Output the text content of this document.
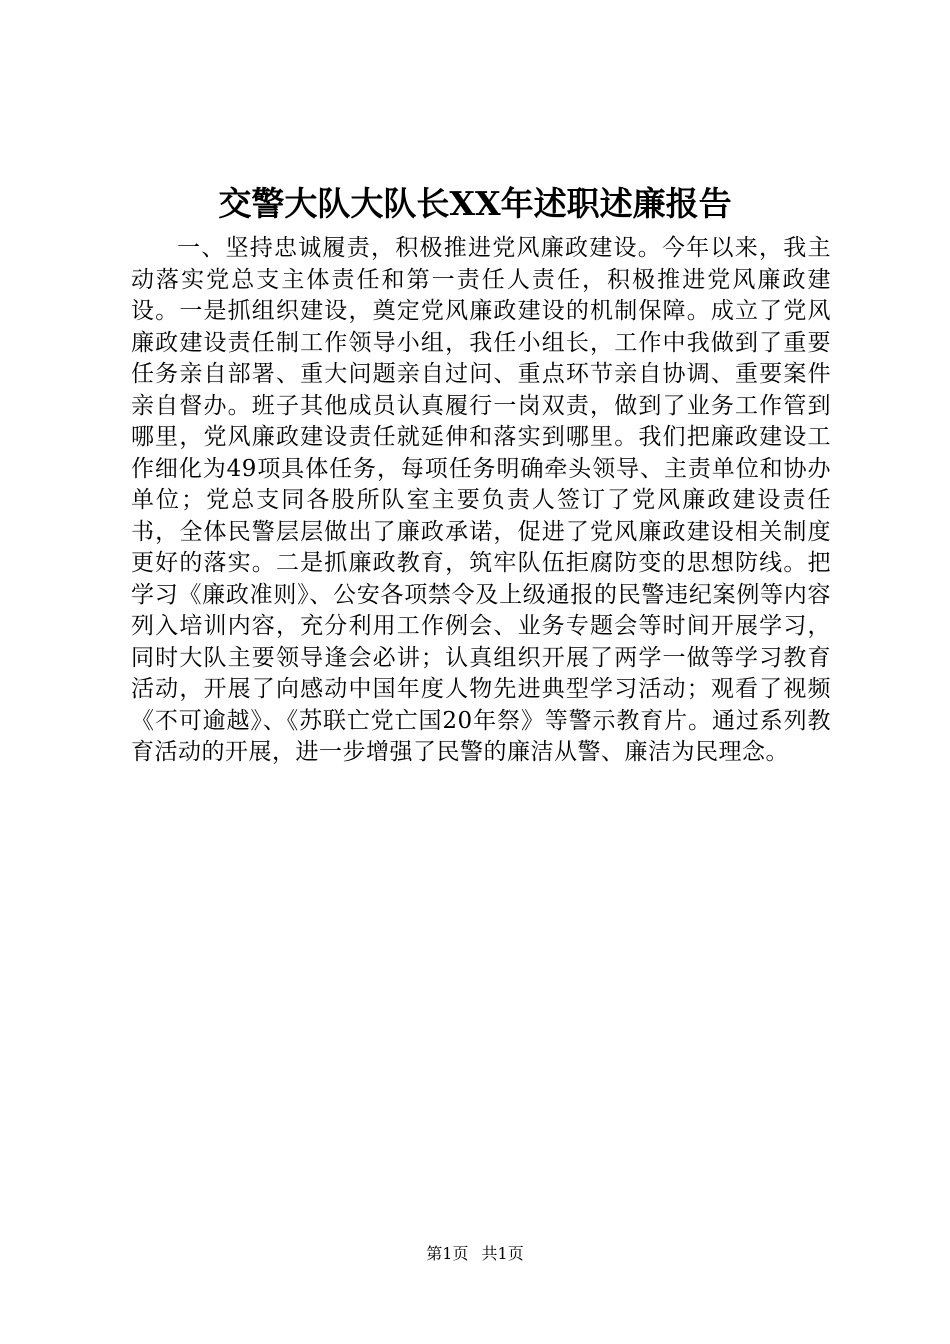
交警大队大队长XX年述职述廉报告

一、坚持忠诚履责，积极推进党风廉政建设。今年以来，我主动落实党总支主体责任和第一责任人责任，积极推进党风廉政建设。一是抓组织建设，奠定党风廉政建设的机制保障。成立了党风廉政建设责任制工作领导小组，我任小组长，工作中我做到了重要任务亲自部署、重大问题亲自过问、重点环节亲自协调、重要案件亲自督办。班子其他成员认真履行一岗双责，做到了业务工作管到哪里，党风廉政建设责任就延伸和落实到哪里。我们把廉政建设工作细化为49项具体任务，每项任务明确牵头领导、主责单位和协办单位；党总支同各股所队室主要负责人签订了党风廉政建设责任书，全体民警层层做出了廉政承诺，促进了党风廉政建设相关制度更好的落实。二是抓廉政教育，筑牢队伍拒腐防变的思想防线。把学习《廉政准则》、公安各项禁令及上级通报的民警违纪案例等内容列入培训内容，充分利用工作例会、业务专题会等时间开展学习，同时大队主要领导逢会必讲；认真组织开展了两学一做等学习教育活动，开展了向感动中国年度人物先进典型学习活动；观看了视频《不可逾越》、《苏联亡党亡国20年祭》等警示教育片。通过系列教育活动的开展，进一步增强了民警的廉洁从警、廉洁为民理念。

第1页 共1页
